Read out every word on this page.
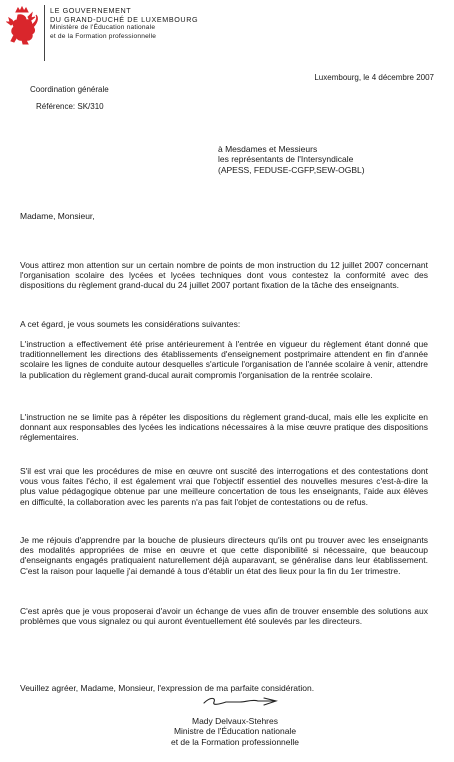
LE GOUVERNEMENT
DU GRAND-DUCHÉ DE LUXEMBOURG
Ministère de l'Éducation nationale
et de la Formation professionnelle
Luxembourg, le 4 décembre 2007
Coordination générale
Référence: SK/310
à Mesdames et Messieurs
les représentants de l'Intersyndicale
(APESS, FEDUSE-CGFP,SEW-OGBL)
Madame, Monsieur,
Vous attirez mon attention sur un certain nombre de points de mon instruction du 12 juillet 2007 concernant l'organisation scolaire des lycées et lycées techniques dont vous contestez la conformité avec des dispositions du règlement grand-ducal du 24 juillet 2007 portant fixation de la tâche des enseignants.
A cet égard, je vous soumets les considérations suivantes:
L'instruction a effectivement été prise antérieurement à l'entrée en vigueur du règlement étant donné que traditionnellement les directions des établissements d'enseignement postprimaire attendent en fin d'année scolaire les lignes de conduite autour desquelles s'articule l'organisation de l'année scolaire à venir, attendre la publication du règlement grand-ducal aurait compromis l'organisation de la rentrée scolaire.
L'instruction ne se limite pas à répéter les dispositions du règlement grand-ducal, mais elle les explicite en donnant aux responsables des lycées les indications nécessaires à la mise œuvre pratique des dispositions réglementaires.
S'il est vrai que les procédures de mise en œuvre ont suscité des interrogations et des contestations dont vous vous faites l'écho, il est également vrai que l'objectif essentiel des nouvelles mesures c'est-à-dire la plus value pédagogique obtenue par une meilleure concertation de tous les enseignants, l'aide aux élèves en difficulté, la collaboration avec les parents n'a pas fait l'objet de contestations ou de refus.
Je me réjouis d'apprendre par la bouche de plusieurs directeurs qu'ils ont pu trouver avec les enseignants des modalités appropriées de mise en œuvre et que cette disponibilité si nécessaire, que beaucoup d'enseignants engagés pratiquaient naturellement déjà auparavant, se généralise dans leur établissement. C'est la raison pour laquelle j'ai demandé à tous d'établir un état des lieux pour la fin du 1er trimestre.
C'est après que je vous proposerai d'avoir un échange de vues afin de trouver ensemble des solutions aux problèmes que vous signalez ou qui auront éventuellement été soulevés par les directeurs.
Veuillez agréer, Madame, Monsieur, l'expression de ma parfaite considération.
Mady Delvaux-Stehres
Ministre de l'Éducation nationale
et de la Formation professionnelle
